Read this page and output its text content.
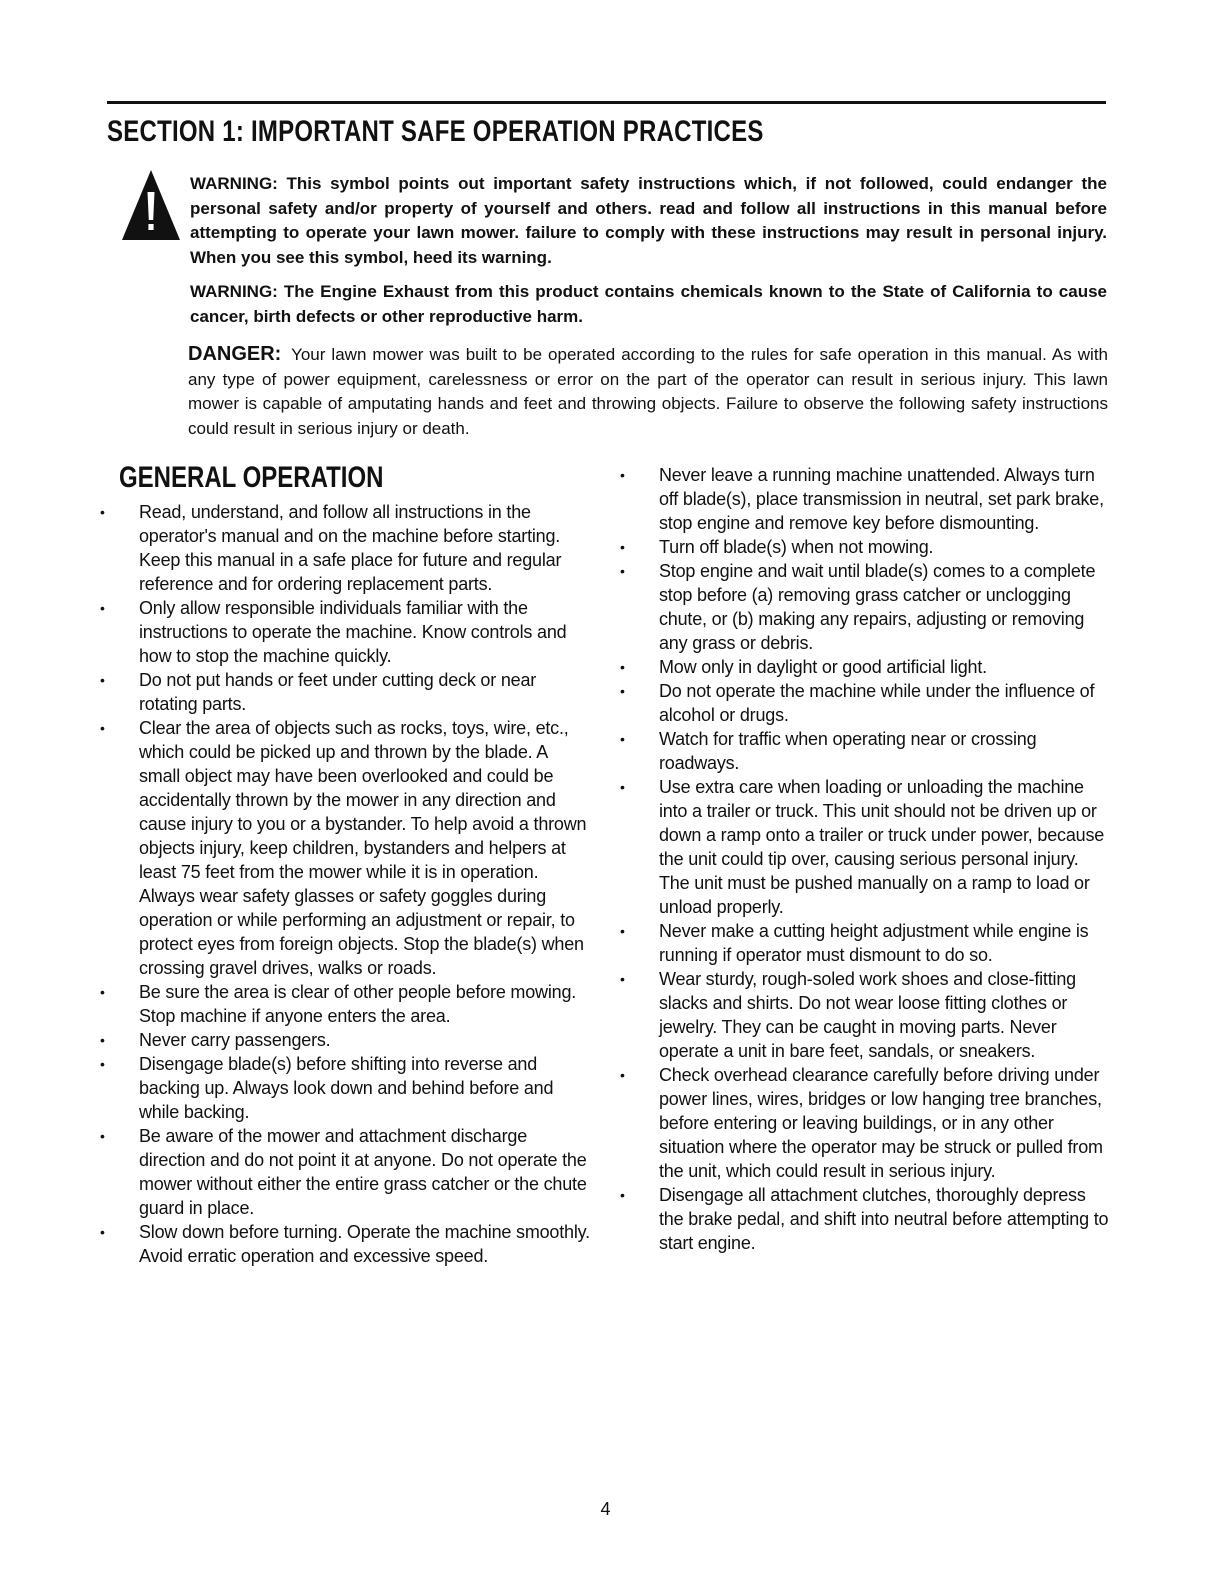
SECTION 1: IMPORTANT SAFE OPERATION PRACTICES

WARNING: This symbol points out important safety instructions which, if not followed, could endanger the personal safety and/or property of yourself and others. read and follow all instructions in this manual before attempting to operate your lawn mower. failure to comply with these instructions may result in personal injury. When you see this symbol, heed its warning.

WARNING: The Engine Exhaust from this product contains chemicals known to the State of California to cause cancer, birth defects or other reproductive harm.

DANGER: Your lawn mower was built to be operated according to the rules for safe operation in this manual. As with any type of power equipment, carelessness or error on the part of the operator can result in serious injury. This lawn mower is capable of amputating hands and feet and throwing objects. Failure to observe the following safety instructions could result in serious injury or death.

GENERAL OPERATION
• Read, understand, and follow all instructions in the operator's manual and on the machine before starting. Keep this manual in a safe place for future and regular reference and for ordering replacement parts.
• Only allow responsible individuals familiar with the instructions to operate the machine. Know controls and how to stop the machine quickly.
• Do not put hands or feet under cutting deck or near rotating parts.
• Clear the area of objects such as rocks, toys, wire, etc., which could be picked up and thrown by the blade. A small object may have been overlooked and could be accidentally thrown by the mower in any direction and cause injury to you or a bystander. To help avoid a thrown objects injury, keep children, bystanders and helpers at least 75 feet from the mower while it is in operation. Always wear safety glasses or safety goggles during operation or while performing an adjustment or repair, to protect eyes from foreign objects. Stop the blade(s) when crossing gravel drives, walks or roads.
• Be sure the area is clear of other people before mowing. Stop machine if anyone enters the area.
• Never carry passengers.
• Disengage blade(s) before shifting into reverse and backing up. Always look down and behind before and while backing.
• Be aware of the mower and attachment discharge direction and do not point it at anyone. Do not operate the mower without either the entire grass catcher or the chute guard in place.
• Slow down before turning. Operate the machine smoothly. Avoid erratic operation and excessive speed.
• Never leave a running machine unattended. Always turn off blade(s), place transmission in neutral, set park brake, stop engine and remove key before dismounting.
• Turn off blade(s) when not mowing.
• Stop engine and wait until blade(s) comes to a complete stop before (a) removing grass catcher or unclogging chute, or (b) making any repairs, adjusting or removing any grass or debris.
• Mow only in daylight or good artificial light.
• Do not operate the machine while under the influence of alcohol or drugs.
• Watch for traffic when operating near or crossing roadways.
• Use extra care when loading or unloading the machine into a trailer or truck. This unit should not be driven up or down a ramp onto a trailer or truck under power, because the unit could tip over, causing serious personal injury. The unit must be pushed manually on a ramp to load or unload properly.
• Never make a cutting height adjustment while engine is running if operator must dismount to do so.
• Wear sturdy, rough-soled work shoes and close-fitting slacks and shirts. Do not wear loose fitting clothes or jewelry. They can be caught in moving parts. Never operate a unit in bare feet, sandals, or sneakers.
• Check overhead clearance carefully before driving under power lines, wires, bridges or low hanging tree branches, before entering or leaving buildings, or in any other situation where the operator may be struck or pulled from the unit, which could result in serious injury.
• Disengage all attachment clutches, thoroughly depress the brake pedal, and shift into neutral before attempting to start engine.
4
